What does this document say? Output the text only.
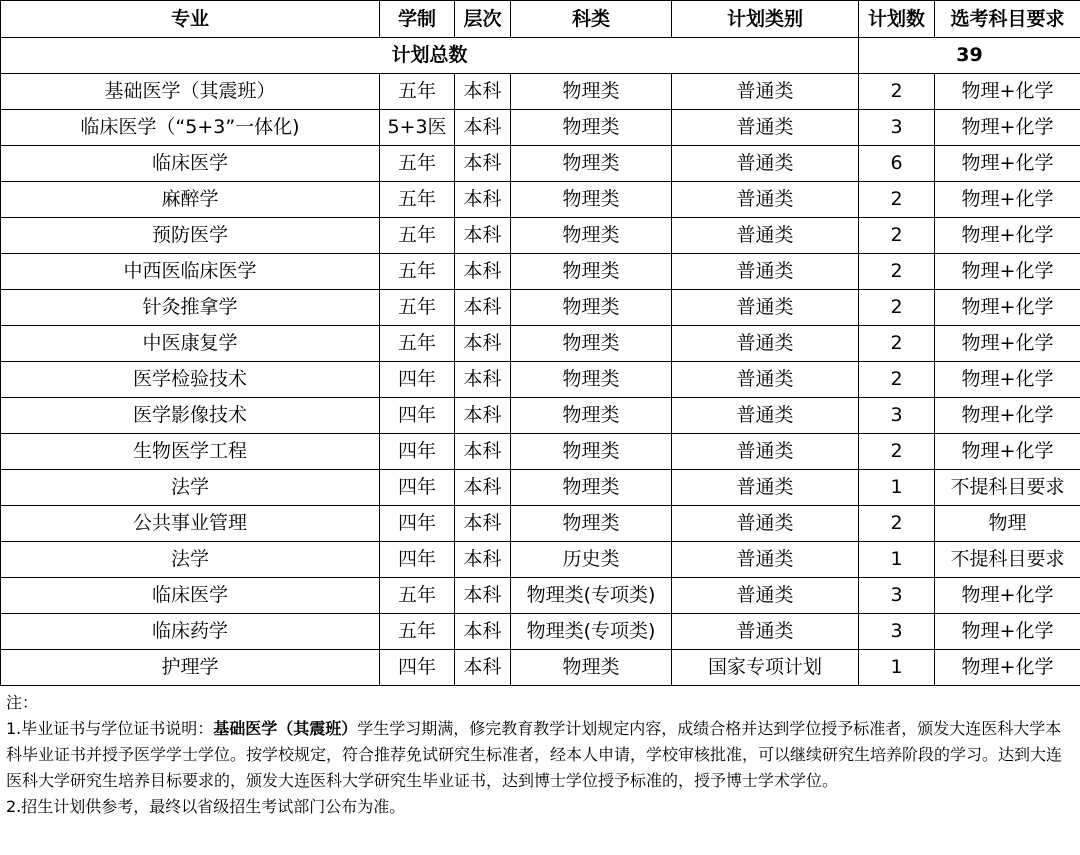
专业	学制	层次	科类	计划类别	计划数	选考科目要求
计划总数					39	
基础医学（其震班）	五年	本科	物理类	普通类	2	物理+化学
临床医学（“5+3”一体化)	5+3医	本科	物理类	普通类	3	物理+化学
临床医学	五年	本科	物理类	普通类	6	物理+化学
麻醉学	五年	本科	物理类	普通类	2	物理+化学
预防医学	五年	本科	物理类	普通类	2	物理+化学
中西医临床医学	五年	本科	物理类	普通类	2	物理+化学
针灸推拿学	五年	本科	物理类	普通类	2	物理+化学
中医康复学	五年	本科	物理类	普通类	2	物理+化学
医学检验技术	四年	本科	物理类	普通类	2	物理+化学
医学影像技术	四年	本科	物理类	普通类	3	物理+化学
生物医学工程	四年	本科	物理类	普通类	2	物理+化学
法学	四年	本科	物理类	普通类	1	不提科目要求
公共事业管理	四年	本科	物理类	普通类	2	物理
法学	四年	本科	历史类	普通类	1	不提科目要求
临床医学	五年	本科	物理类(专项类)	普通类	3	物理+化学
临床药学	五年	本科	物理类(专项类)	普通类	3	物理+化学
护理学	四年	本科	物理类	国家专项计划	1	物理+化学

注：

1.毕业证书与学位证书说明：基础医学（其震班）学生学习期满，修完教育教学计划规定内容，成绩合格并达到学位授予标准者，颁发大连医科大学本科毕业证书并授予医学学士学位。按学校规定，符合推荐免试研究生标准者，经本人申请，学校审核批准，可以继续研究生培养阶段的学习。达到大连医科大学研究生培养目标要求的，颁发大连医科大学研究生毕业证书，达到博士学位授予标准的，授予博士学术学位。

2.招生计划供参考，最终以省级招生考试部门公布为准。
